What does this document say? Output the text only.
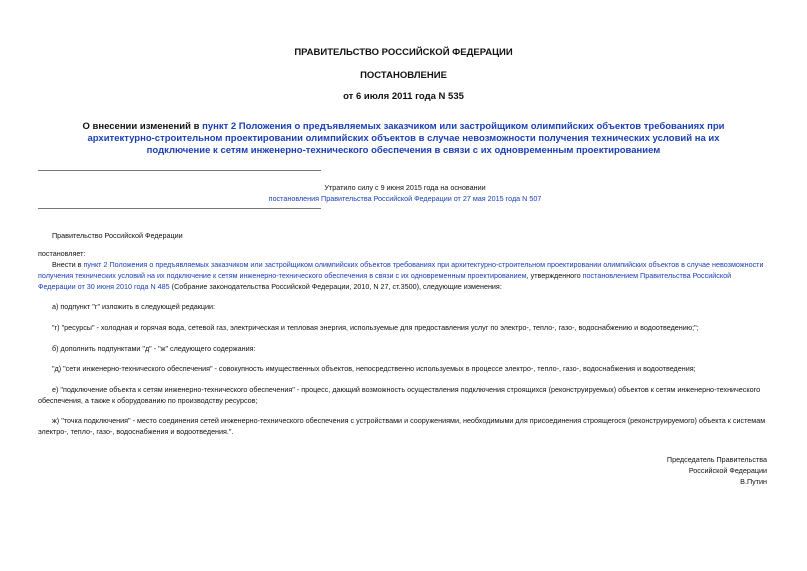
ПРАВИТЕЛЬСТВО РОССИЙСКОЙ ФЕДЕРАЦИИ
ПОСТАНОВЛЕНИЕ
от 6 июля 2011 года N 535
О внесении изменений в пункт 2 Положения о предъявляемых заказчиком или застройщиком олимпийских объектов требованиях при архитектурно-строительном проектировании олимпийских объектов в случае невозможности получения технических условий на их подключение к сетям инженерно-технического обеспечения в связи с их одновременным проектированием
Утратило силу с 9 июня 2015 года на основании
постановления Правительства Российской Федерации от 27 мая 2015 года N 507
Правительство Российской Федерации
постановляет:
Внести в пункт 2 Положения о предъявляемых заказчиком или застройщиком олимпийских объектов требованиях при архитектурно-строительном проектировании олимпийских объектов в случае невозможности получения технических условий на их подключение к сетям инженерно-технического обеспечения в связи с их одновременным проектированием, утвержденного постановлением Правительства Российской Федерации от 30 июня 2010 года N 485 (Собрание законодательства Российской Федерации, 2010, N 27, ст.3500), следующие изменения:
а) подпункт "г" изложить в следующей редакции:
"г) "ресурсы" - холодная и горячая вода, сетевой газ, электрическая и тепловая энергия, используемые для предоставления услуг по электро-, тепло-, газо-, водоснабжению и водоотведению;";
б) дополнить подпунктами "д" - "ж" следующего содержания:
"д) "сети инженерно-технического обеспечения" - совокупность имущественных объектов, непосредственно используемых в процессе электро-, тепло-, газо-, водоснабжения и водоотведения;
е) "подключение объекта к сетям инженерно-технического обеспечения" - процесс, дающий возможность осуществления подключения строящихся (реконструируемых) объектов к сетям инженерно-технического обеспечения, а также к оборудованию по производству ресурсов;
ж) "точка подключения" - место соединения сетей инженерно-технического обеспечения с устройствами и сооружениями, необходимыми для присоединения строящегося (реконструируемого) объекта к системам электро-, тепло-, газо-, водоснабжения и водоотведения.".
Председатель Правительства
Российской Федерации
В.Путин
